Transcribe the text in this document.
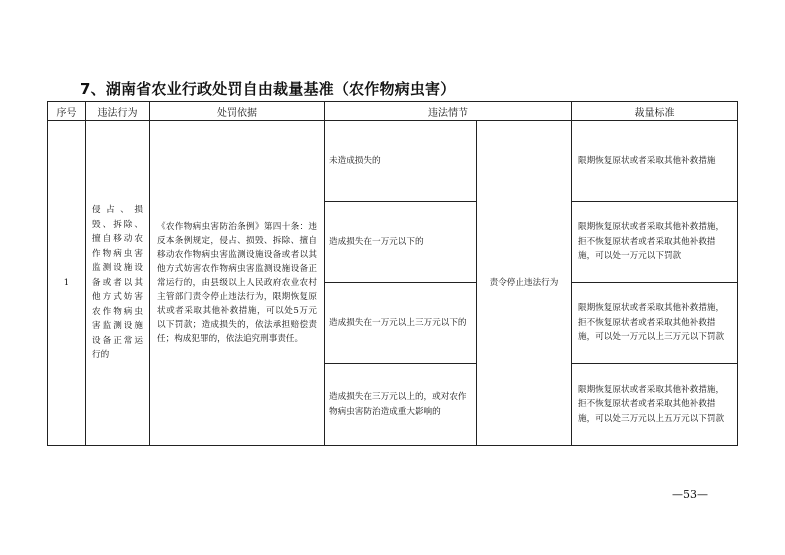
7、湖南省农业行政处罚自由裁量基准（农作物病虫害）
序号	违法行为	处罚依据	违法情节		裁量标准
1	侵占、损毁、拆除、擅自移动农作物病虫害监测设施设备或者以其他方式妨害农作物病虫害监测设施设备正常运行的	《农作物病虫害防治条例》第四十条：违反本条例规定，侵占、损毁、拆除、擅自移动农作物病虫害监测设施设备或者以其他方式妨害农作物病虫害监测设施设备正常运行的，由县级以上人民政府农业农村主管部门责令停止违法行为，限期恢复原状或者采取其他补救措施，可以处5万元以下罚款；造成损失的，依法承担赔偿责任；构成犯罪的，依法追究刑事责任。	未造成损失的	责令停止违法行为	限期恢复原状或者采取其他补救措施
			造成损失在一万元以下的		限期恢复原状或者采取其他补救措施，拒不恢复原状者或者采取其他补救措施，可以处一万元以下罚款
			造成损失在一万元以上三万元以下的		限期恢复原状或者采取其他补救措施，拒不恢复原状者或者采取其他补救措施，可以处一万元以上三万元以下罚款
			造成损失在三万元以上的，或对农作物病虫害防治造成重大影响的		限期恢复原状或者采取其他补救措施，拒不恢复原状者或者采取其他补救措施，可以处三万元以上五万元以下罚款
—53—
